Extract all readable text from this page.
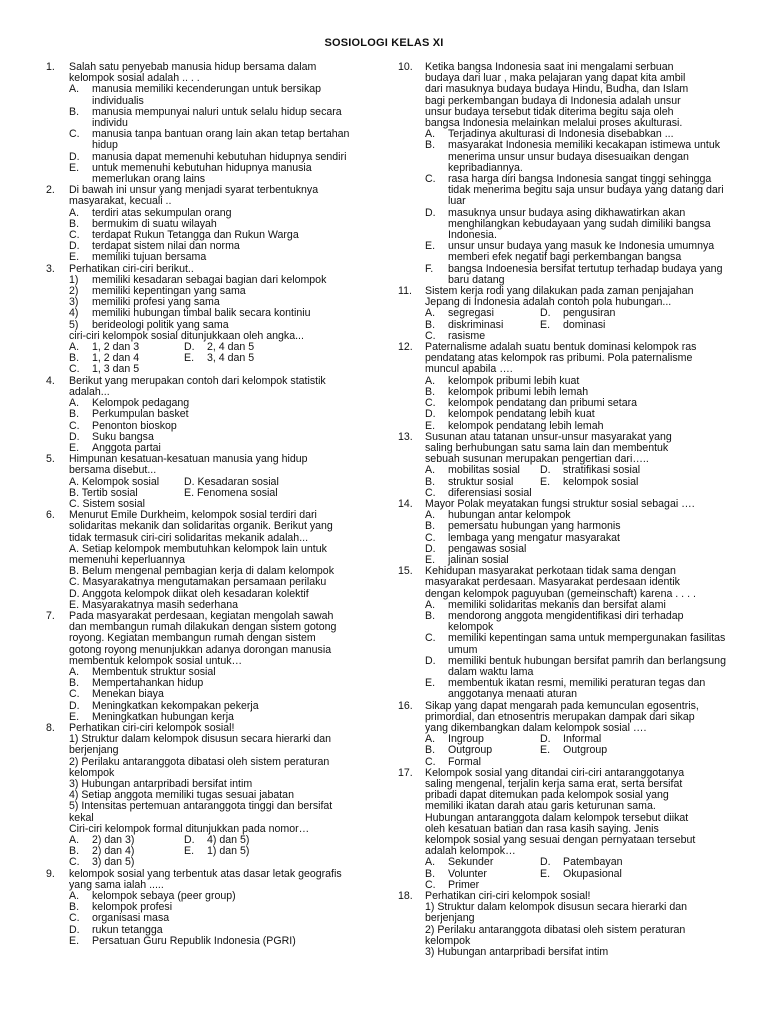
SOSIOLOGI KELAS XI
1. Salah satu penyebab manusia hidup bersama dalam
kelompok sosial adalah .. . .
A.	manusia memiliki kecenderungan untuk bersikap individualis
B.	manusia mempunyai naluri untuk selalu hidup secara individu
C.	manusia tanpa bantuan orang lain akan tetap bertahan hidup
D.	manusia dapat memenuhi kebutuhan hidupnya sendiri
E.	untuk memenuhi kebutuhan hidupnya manusia memerlukan orang lains
2. Di bawah ini unsur yang menjadi syarat terbentuknya
masyarakat, kecuali ..
A.	terdiri atas sekumpulan orang
B.	bermukim di suatu wilayah
C.	terdapat Rukun Tetangga dan Rukun Warga
D.	terdapat sistem nilai dan norma
E.	memiliki tujuan bersama
3. Perhatikan ciri-ciri berikut..
1)	memiliki kesadaran sebagai bagian dari kelompok
2)	memiliki kepentingan yang sama
3)	memiliki profesi yang sama
4)	memiliki hubungan timbal balik secara kontiniu
5)	berideologi politik yang sama
ciri-ciri kelompok sosial ditunjukkaan oleh angka...
A.	1, 2 dan 3	D.	2, 4 dan 5
B.	1, 2 dan 4	E.	3, 4 dan 5
C.	1, 3 dan 5
4. Berikut yang merupakan contoh dari kelompok statistik
adalah...
A.	Kelompok pedagang
B.	Perkumpulan basket
C.	Penonton bioskop
D.	Suku bangsa
E.	Anggota partai
5. Himpunan kesatuan-kesatuan manusia yang hidup
bersama disebut...
A. Kelompok sosial	D. Kesadaran sosial
B. Tertib sosial	E. Fenomena sosial
C. Sistem sosial
6. Menurut Emile Durkheim, kelompok sosial terdiri dari
solidaritas mekanik dan solidaritas organik. Berikut yang
tidak termasuk ciri-ciri solidaritas mekanik adalah...
A. Setiap kelompok membutuhkan kelompok lain untuk
memenuhi keperluannya
B. Belum mengenal pembagian kerja di dalam kelompok
C. Masyarakatnya mengutamakan persamaan perilaku
D. Anggota kelompok diikat oleh kesadaran kolektif
E. Masyarakatnya masih sederhana
7. Pada masyarakat perdesaan, kegiatan mengolah sawah
dan membangun rumah dilakukan dengan sistem gotong
royong. Kegiatan membangun rumah dengan sistem
gotong royong menunjukkan adanya dorongan manusia
membentuk kelompok sosial untuk…
A.	Membentuk struktur sosial
B.	Mempertahankan hidup
C.	Menekan biaya
D.	Meningkatkan kekompakan pekerja
E.	Meningkatkan hubungan kerja
8. Perhatikan ciri-ciri kelompok sosial!
1) Struktur dalam kelompok disusun secara hierarki dan
berjenjang
2) Perilaku antaranggota dibatasi oleh sistem peraturan
kelompok
3) Hubungan antarpribadi bersifat intim
4) Setiap anggota memiliki tugas sesuai jabatan
5) Intensitas pertemuan antaranggota tinggi dan bersifat
kekal
Ciri-ciri kelompok formal ditunjukkan pada nomor…
A.	2) dan 3)	D.	4) dan 5)
B.	2) dan 4)	E.	1) dan 5)
C.	3) dan 5)
9. kelompok sosial yang terbentuk atas dasar letak geografis
yang sama ialah .....
A.	kelompok sebaya (peer group)
B.	kelompok profesi
C.	organisasi masa
D.	rukun tetangga
E.	Persatuan Guru Republik Indonesia (PGRI)
10. Ketika bangsa Indonesia saat ini mengalami serbuan
budaya dari luar , maka pelajaran yang dapat kita ambil
dari masuknya budaya budaya Hindu, Budha, dan Islam
bagi perkembangan budaya di Indonesia adalah unsur
unsur budaya tersebut tidak diterima begitu saja oleh
bangsa Indonesia melainkan melalui proses akulturasi.
A.	Terjadinya akulturasi di Indonesia disebabkan ...
B.	masyarakat Indonesia memiliki kecakapan istimewa untuk menerima unsur unsur budaya disesuaikan dengan kepribadiannya.
C.	rasa harga diri bangsa Indonesia sangat tinggi sehingga tidak menerima begitu saja unsur budaya yang datang dari luar
D.	masuknya unsur budaya asing dikhawatirkan akan menghilangkan kebudayaan yang sudah dimiliki bangsa Indonesia.
E.	unsur unsur budaya yang masuk ke Indonesia umumnya memberi efek negatif bagi perkembangan bangsa
F.	bangsa Indoenesia bersifat tertutup terhadap budaya yang baru datang
11. Sistem kerja rodi yang dilakukan pada zaman penjajahan
Jepang di Indonesia adalah contoh pola hubungan...
A.	segregasi	D.	pengusiran
B.	diskriminasi	E.	dominasi
C.	rasisme
12. Paternalisme adalah suatu bentuk dominasi kelompok ras
pendatang atas kelompok ras pribumi. Pola paternalisme
muncul apabila ….
A.	kelompok pribumi lebih kuat
B.	kelompok pribumi lebih lemah
C.	kelompok pendatang dan pribumi setara
D.	kelompok pendatang lebih kuat
E.	kelompok pendatang lebih lemah
13. Susunan atau tatanan unsur-unsur masyarakat yang
saling berhubungan satu sama lain dan membentuk
sebuah susunan merupakan pengertian dari…..
A.	mobilitas sosial D.	stratifikasi sosial
B.	struktur sosial	E.	kelompok sosial
C.	diferensiasi sosial
14. Mayor Polak meyatakan fungsi struktur sosial sebagai ….
A.	hubungan antar kelompok
B.	pemersatu hubungan yang harmonis
C.	lembaga yang mengatur masyarakat
D.	pengawas sosial
E.	jalinan sosial
15. Kehidupan masyarakat perkotaan tidak sama dengan
masyarakat perdesaan. Masyarakat perdesaan identik
dengan kelompok paguyuban (gemeinschaft) karena . . . .
A.	memiliki solidaritas mekanis dan bersifat alami
B.	mendorong anggota mengidentifikasi diri terhadap kelompok
C.	memiliki kepentingan sama untuk mempergunakan fasilitas umum
D.	memiliki bentuk hubungan bersifat pamrih dan berlangsung dalam waktu lama
E.	membentuk ikatan resmi, memiliki peraturan tegas dan anggotanya menaati aturan
16. Sikap yang dapat mengarah pada kemunculan egosentris,
primordial, dan etnosentris merupakan dampak dari sikap
yang dikembangkan dalam kelompok sosial ….
A.	Ingroup	D.	Informal
B.	Outgroup	E.	Outgroup
C.	Formal
17. Kelompok sosial yang ditandai ciri-ciri antaranggotanya
saling mengenal, terjalin kerja sama erat, serta bersifat
pribadi dapat ditemukan pada kelompok sosial yang
memiliki ikatan darah atau garis keturunan sama.
Hubungan antaranggota dalam kelompok tersebut diikat
oleh kesatuan batian dan rasa kasih saying. Jenis
kelompok sosial yang sesuai dengan pernyataan tersebut
adalah kelompok…
A.	Sekunder	D.	Patembayan
B.	Volunter	E.	Okupasional
C.	Primer
18. Perhatikan ciri-ciri kelompok sosial!
1) Struktur dalam kelompok disusun secara hierarki dan
berjenjang
2) Perilaku antaranggota dibatasi oleh sistem peraturan
kelompok
3) Hubungan antarpribadi bersifat intim
